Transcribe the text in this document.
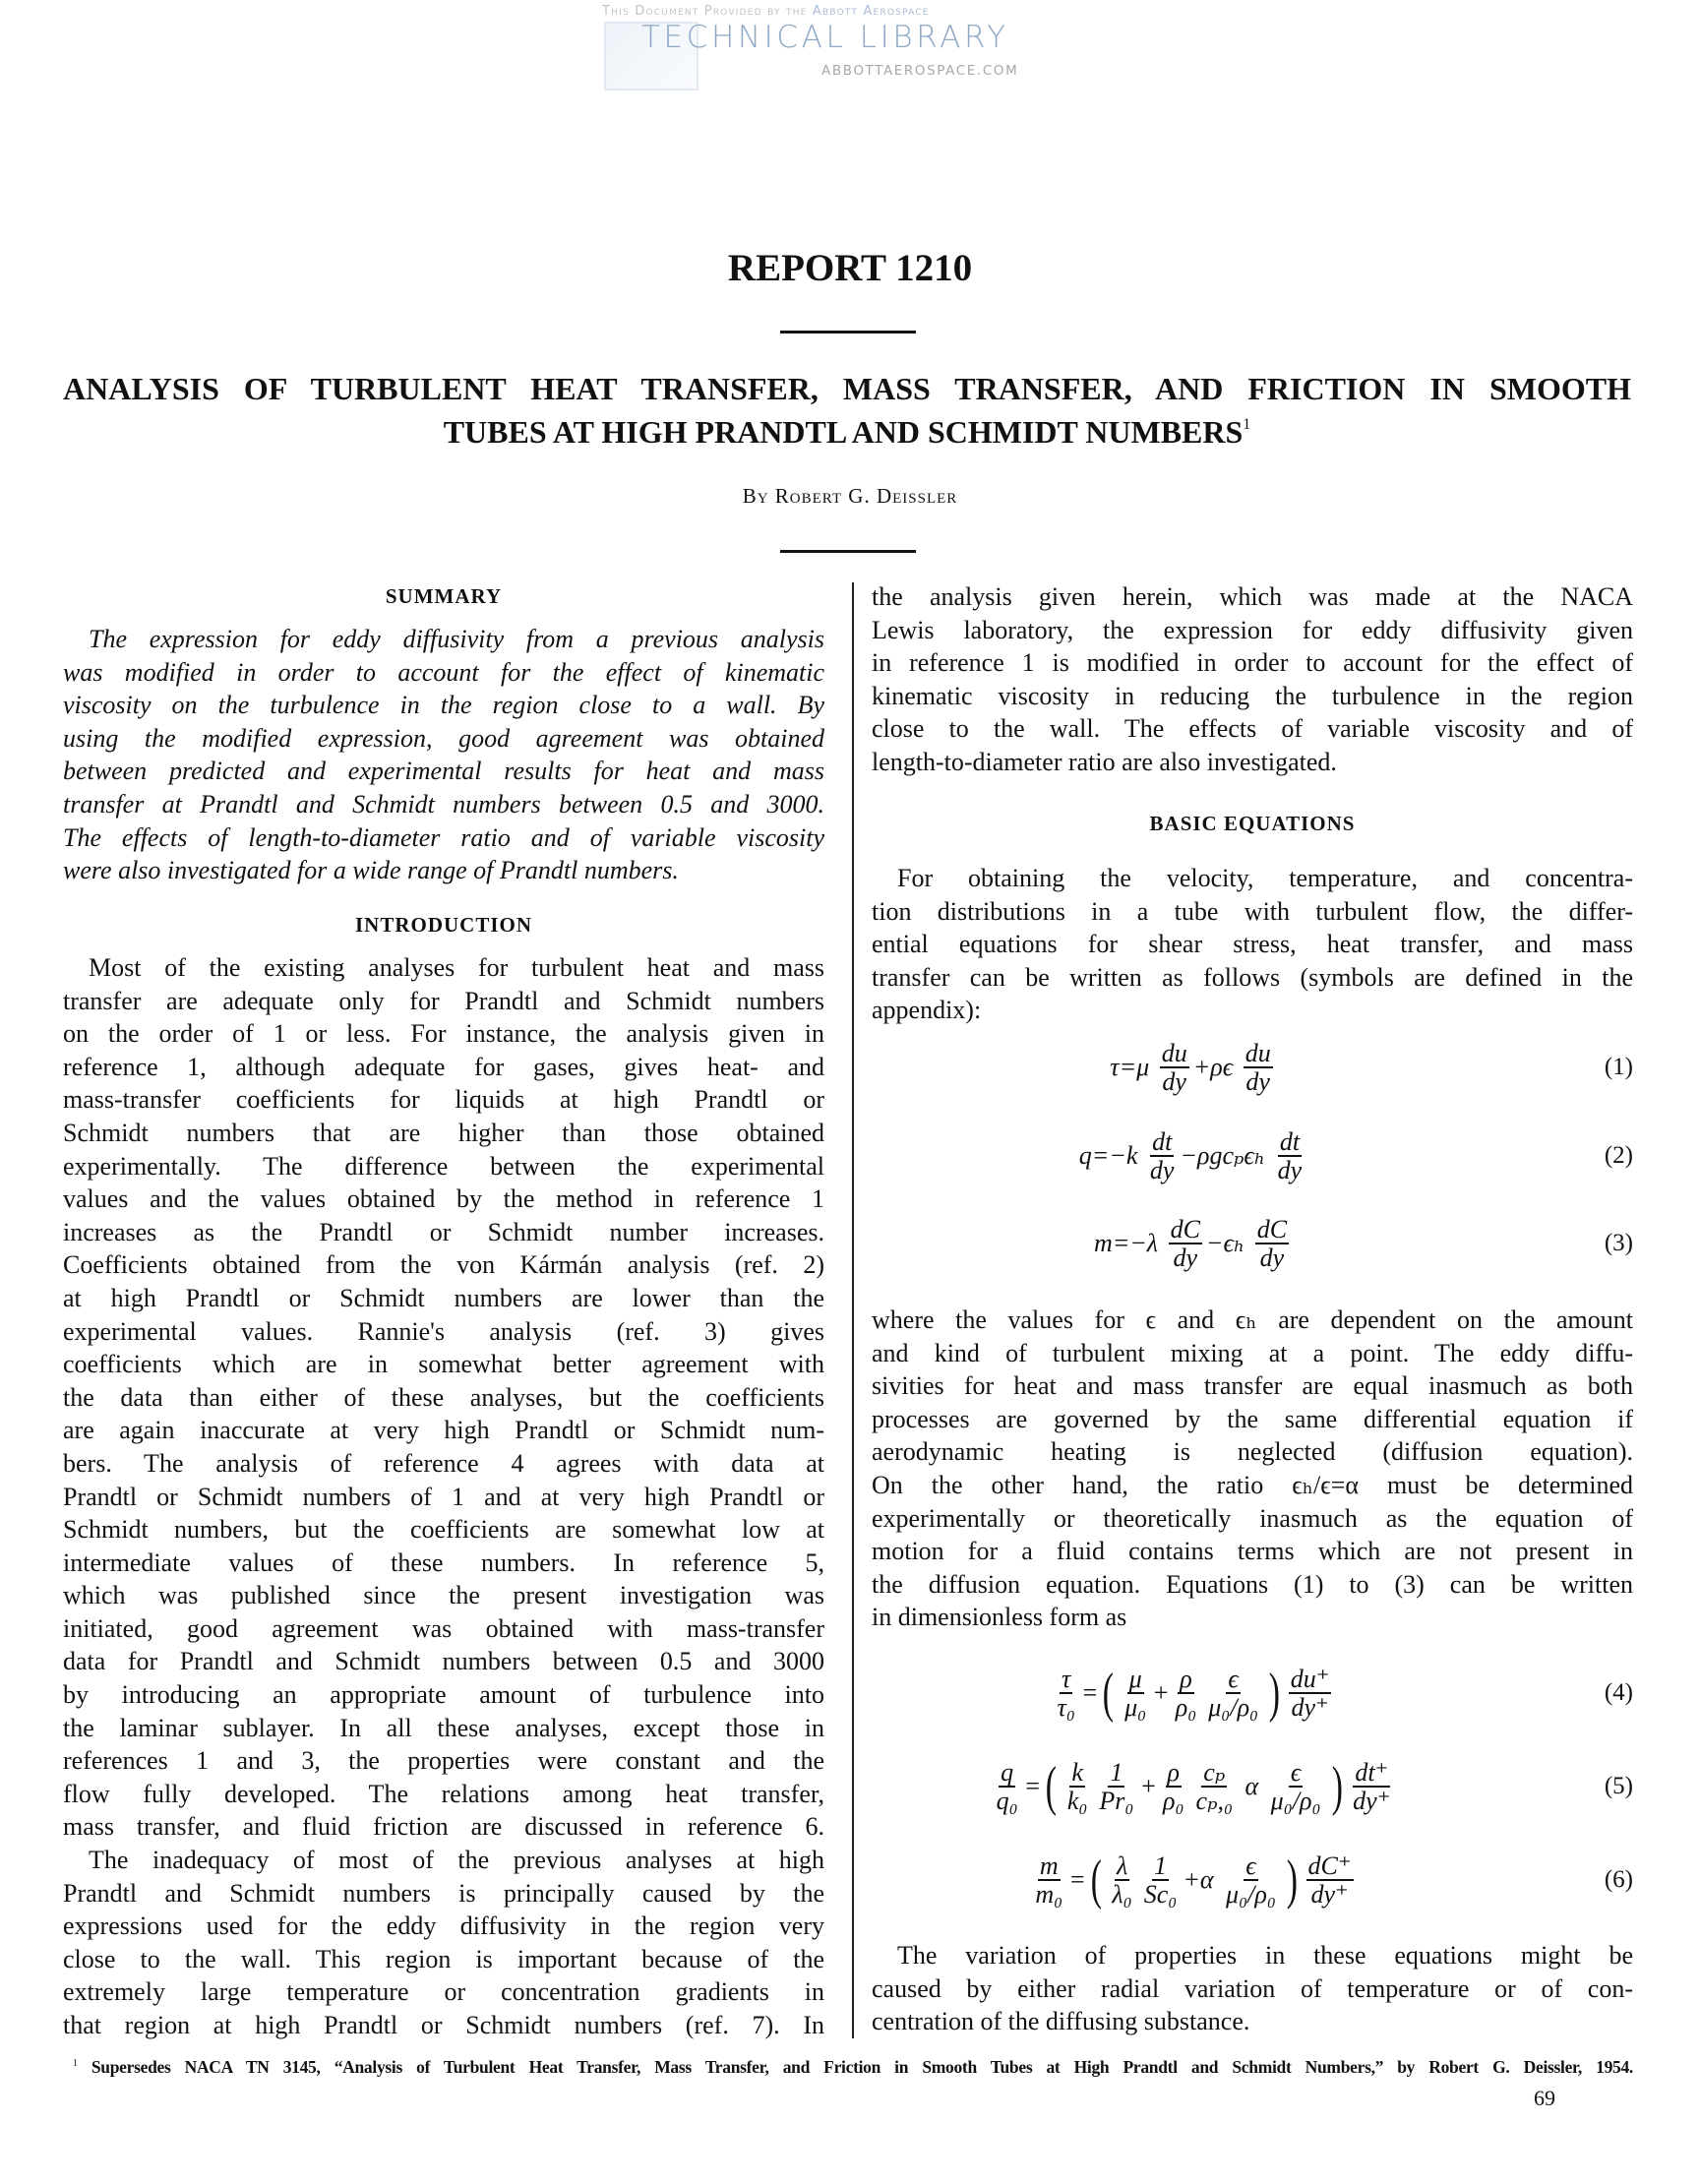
This Document Provided by the Abbott Aerospace
TECHNICAL LIBRARY
ABBOTTAEROSPACE.COM
REPORT 1210
ANALYSIS OF TURBULENT HEAT TRANSFER, MASS TRANSFER, AND FRICTION IN SMOOTH
TUBES AT HIGH PRANDTL AND SCHMIDT NUMBERS$^1$
By Robert G. Deissler
SUMMARY
The expression for eddy diffusivity from a previous analysis
was modified in order to account for the effect of kinematic
viscosity on the turbulence in the region close to a wall. By
using the modified expression, good agreement was obtained
between predicted and experimental results for heat and mass
transfer at Prandtl and Schmidt numbers between 0.5 and 3000.
The effects of length-to-diameter ratio and of variable viscosity
were also investigated for a wide range of Prandtl numbers.
INTRODUCTION
Most of the existing analyses for turbulent heat and mass
transfer are adequate only for Prandtl and Schmidt numbers
on the order of 1 or less. For instance, the analysis given in
reference 1, although adequate for gases, gives heat- and
mass-transfer coefficients for liquids at high Prandtl or
Schmidt numbers that are higher than those obtained
experimentally. The difference between the experimental
values and the values obtained by the method in reference 1
increases as the Prandtl or Schmidt number increases.
Coefficients obtained from the von Kármán analysis (ref. 2)
at high Prandtl or Schmidt numbers are lower than the
experimental values. Rannie's analysis (ref. 3) gives
coefficients which are in somewhat better agreement with
the data than either of these analyses, but the coefficients
are again inaccurate at very high Prandtl or Schmidt num-
bers. The analysis of reference 4 agrees with data at
Prandtl or Schmidt numbers of 1 and at very high Prandtl or
Schmidt numbers, but the coefficients are somewhat low at
intermediate values of these numbers. In reference 5,
which was published since the present investigation was
initiated, good agreement was obtained with mass-transfer
data for Prandtl and Schmidt numbers between 0.5 and 3000
by introducing an appropriate amount of turbulence into
the laminar sublayer. In all these analyses, except those in
references 1 and 3, the properties were constant and the
flow fully developed. The relations among heat transfer,
mass transfer, and fluid friction are discussed in reference 6.
The inadequacy of most of the previous analyses at high
Prandtl and Schmidt numbers is principally caused by the
expressions used for the eddy diffusivity in the region very
close to the wall. This region is important because of the
extremely large temperature or concentration gradients in
that region at high Prandtl or Schmidt numbers (ref. 7). In
the analysis given herein, which was made at the NACA
Lewis laboratory, the expression for eddy diffusivity given
in reference 1 is modified in order to account for the effect of
kinematic viscosity in reducing the turbulence in the region
close to the wall. The effects of variable viscosity and of
length-to-diameter ratio are also investigated.
BASIC EQUATIONS
For obtaining the velocity, temperature, and concentra-
tion distributions in a tube with turbulent flow, the differ-
ential equations for shear stress, heat transfer, and mass
transfer can be written as follows (symbols are defined in the
appendix):
$\tau=\mu \frac{du}{dy} +\rho\epsilon \frac{du}{dy}$	(1)
$q=-k \frac{dt}{dy} -\rho gc_p\epsilon_h \frac{dt}{dy}$	(2)
$m=-\lambda \frac{dC}{dy} -\epsilon_h \frac{dC}{dy}$	(3)
where the values for ϵ and ϵₕ are dependent on the amount
and kind of turbulent mixing at a point. The eddy diffu-
sivities for heat and mass transfer are equal inasmuch as both
processes are governed by the same differential equation if
aerodynamic heating is neglected (diffusion equation).
On the other hand, the ratio ϵₕ/ϵ=α must be determined
experimentally or theoretically inasmuch as the equation of
motion for a fluid contains terms which are not present in
the diffusion equation. Equations (1) to (3) can be written
in dimensionless form as
$\frac{\tau}{\text{τ₀}}$ = ( $\frac{\mu}{\text{μ₀}} + \frac{\rho}{\text{ρ₀}} \frac{\epsilon}{\text{μ₀/ρ₀}}$ ) $\frac{du^+}{dy^+}$	(4)
$\frac{q}{\text{q₀}}$ = ( $\frac{k}{\text{k₀}} \frac{1}{\text{Pr₀}} + \frac{\rho}{\text{ρ₀}} \frac{\text{cₚ}}{\text{cₚ,₀}}$ α $\frac{\epsilon}{\text{μ₀/ρ₀}}$ ) $\frac{dt^+}{dy^+}$	(5)
$\frac{m}{\text{m₀}}$ = ( $\frac{\lambda}{\text{λ₀}} \frac{1}{\text{Sc₀}} +\alpha \frac{\epsilon}{\text{μ₀/ρ₀}}$ ) $\frac{dC^+}{dy^+}$	(6)
The variation of properties in these equations might be
caused by either radial variation of temperature or of con-
centration of the diffusing substance.
$^1$ Supersedes NACA TN 3145, “Analysis of Turbulent Heat Transfer, Mass Transfer, and Friction in Smooth Tubes at High Prandtl and Schmidt Numbers,” by Robert G. Deissler, 1954.
69
